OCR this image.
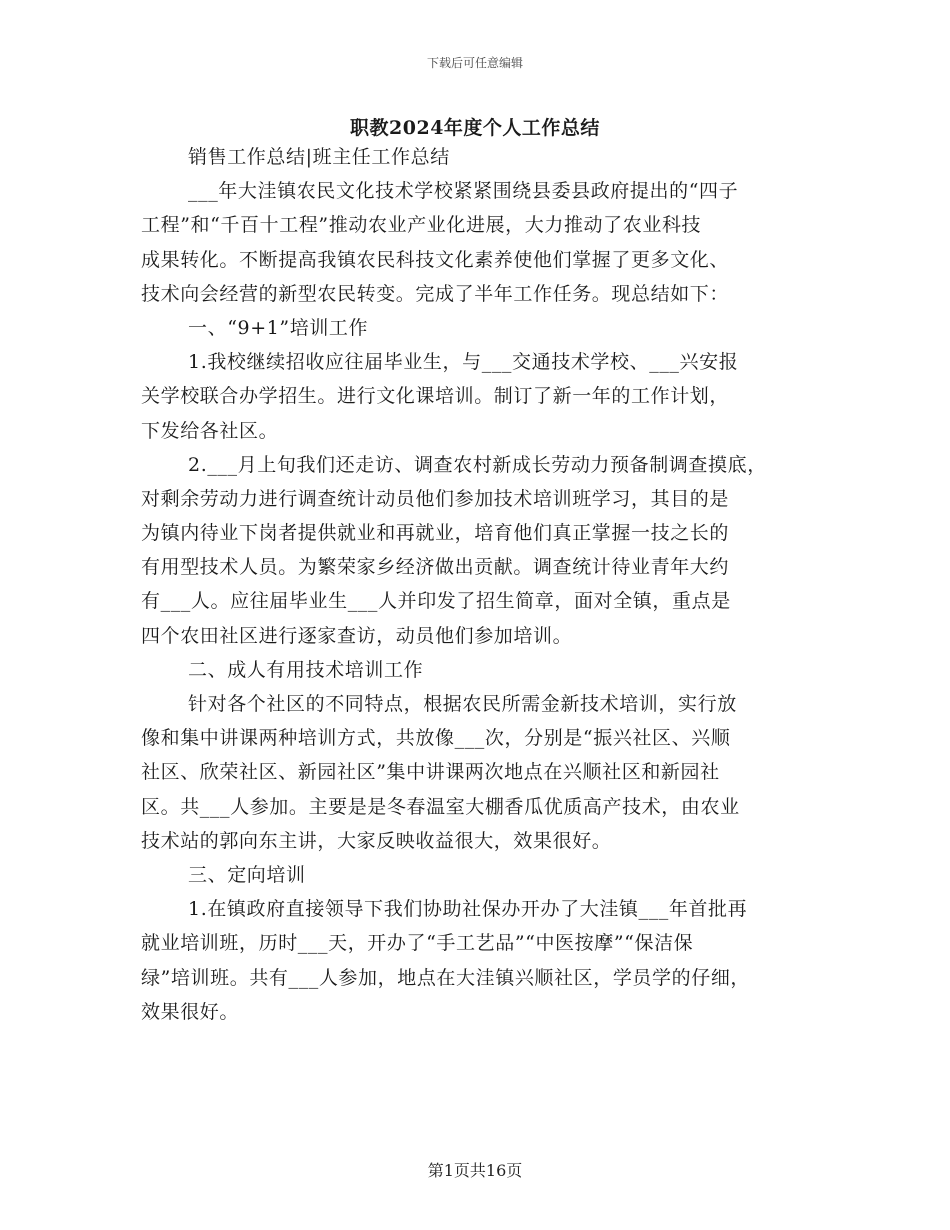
下载后可任意编辑
职教2024年度个人工作总结
销售工作总结|班主任工作总结
___年大洼镇农民文化技术学校紧紧围绕县委县政府提出的“四子
工程”和“千百十工程”推动农业产业化进展，大力推动了农业科技
成果转化。不断提高我镇农民科技文化素养使他们掌握了更多文化、
技术向会经营的新型农民转变。完成了半年工作任务。现总结如下：
一、“9+1”培训工作
1.我校继续招收应往届毕业生，与___交通技术学校、___兴安报
关学校联合办学招生。进行文化课培训。制订了新一年的工作计划，
下发给各社区。
2.___月上旬我们还走访、调查农村新成长劳动力预备制调查摸底，
对剩余劳动力进行调查统计动员他们参加技术培训班学习，其目的是
为镇内待业下岗者提供就业和再就业，培育他们真正掌握一技之长的
有用型技术人员。为繁荣家乡经济做出贡献。调查统计待业青年大约
有___人。应往届毕业生___人并印发了招生简章，面对全镇，重点是
四个农田社区进行逐家查访，动员他们参加培训。
二、成人有用技术培训工作
针对各个社区的不同特点，根据农民所需金新技术培训，实行放
像和集中讲课两种培训方式，共放像___次，分别是“振兴社区、兴顺
社区、欣荣社区、新园社区”集中讲课两次地点在兴顺社区和新园社
区。共___人参加。主要是是冬春温室大棚香瓜优质高产技术，由农业
技术站的郭向东主讲，大家反映收益很大，效果很好。
三、定向培训
1.在镇政府直接领导下我们协助社保办开办了大洼镇___年首批再
就业培训班，历时___天，开办了“手工艺品”“中医按摩”“保洁保
绿”培训班。共有___人参加，地点在大洼镇兴顺社区，学员学的仔细，
效果很好。
第1页共16页
